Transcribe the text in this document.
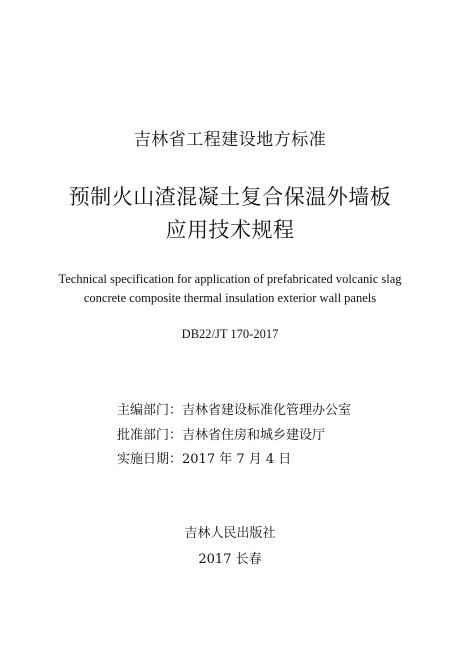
吉林省工程建设地方标准
预制火山渣混凝土复合保温外墙板
应用技术规程
Technical specification for application of prefabricated volcanic slag
concrete composite thermal insulation exterior wall panels
DB22/JT 170-2017
主编部门：吉林省建设标准化管理办公室
批准部门：吉林省住房和城乡建设厅
实施日期：2017 年 7 月 4 日
吉林人民出版社
2017 长春
